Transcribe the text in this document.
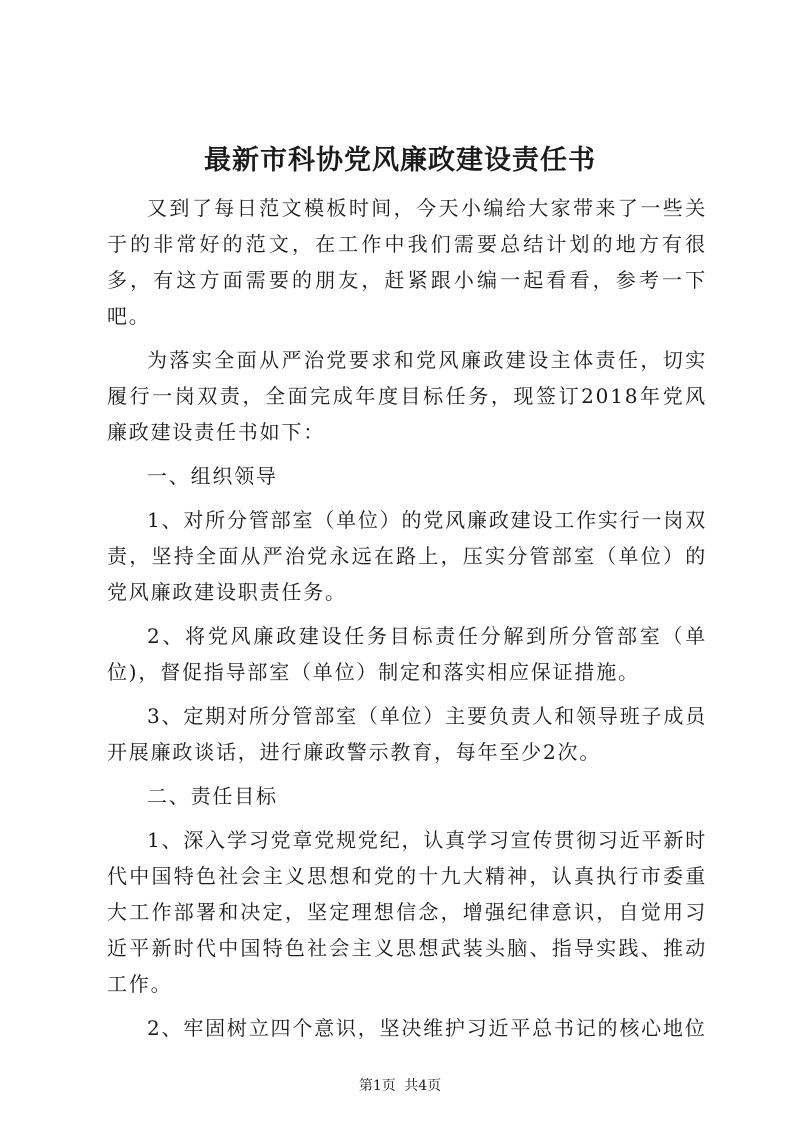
最新市科协党风廉政建设责任书

又到了每日范文模板时间，今天小编给大家带来了一些关于的非常好的范文，在工作中我们需要总结计划的地方有很多，有这方面需要的朋友，赶紧跟小编一起看看，参考一下吧。

为落实全面从严治党要求和党风廉政建设主体责任，切实履行一岗双责，全面完成年度目标任务，现签订2018年党风廉政建设责任书如下：

一、组织领导

1、对所分管部室（单位）的党风廉政建设工作实行一岗双责，坚持全面从严治党永远在路上，压实分管部室（单位）的党风廉政建设职责任务。

2、将党风廉政建设任务目标责任分解到所分管部室（单位)，督促指导部室（单位）制定和落实相应保证措施。

3、定期对所分管部室（单位）主要负责人和领导班子成员开展廉政谈话，进行廉政警示教育，每年至少2次。

二、责任目标

1、深入学习党章党规党纪，认真学习宣传贯彻习近平新时代中国特色社会主义思想和党的十九大精神，认真执行市委重大工作部署和决定，坚定理想信念，增强纪律意识，自觉用习近平新时代中国特色社会主义思想武装头脑、指导实践、推动工作。

2、牢固树立四个意识，坚决维护习近平总书记的核心地位

第1页 共4页
